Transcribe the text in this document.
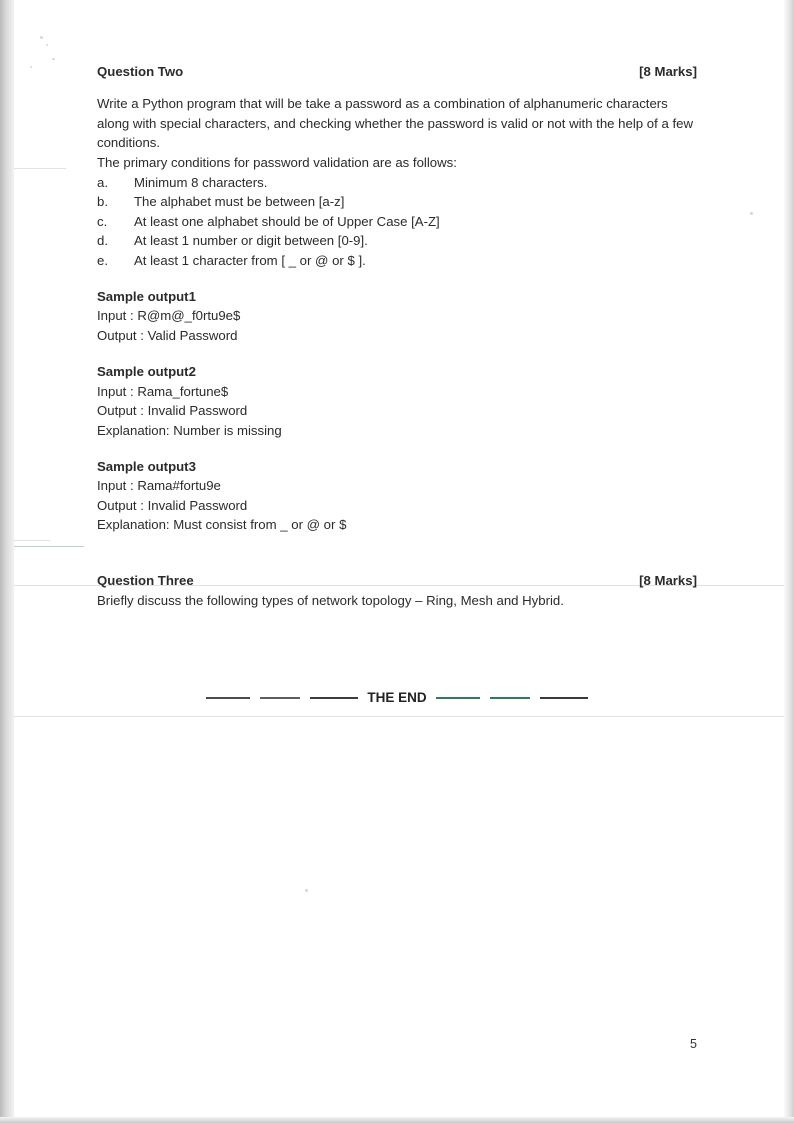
Question Two	[8 Marks]
Write a Python program that will be take a password as a combination of alphanumeric characters along with special characters, and checking whether the password is valid or not with the help of a few conditions.
The primary conditions for password validation are as follows:
a.	Minimum 8 characters.
b.	The alphabet must be between [a-z]
c.	At least one alphabet should be of Upper Case [A-Z]
d.	At least 1 number or digit between [0-9].
e.	At least 1 character from [ _ or @ or $ ].
Sample output1
Input : R@m@_f0rtu9e$
Output : Valid Password
Sample output2
Input : Rama_fortune$
Output : Invalid Password
Explanation: Number is missing
Sample output3
Input : Rama#fortu9e
Output : Invalid Password
Explanation: Must consist from _ or @ or $
Question Three	[8 Marks]
Briefly discuss the following types of network topology – Ring, Mesh and Hybrid.
THE END
5
